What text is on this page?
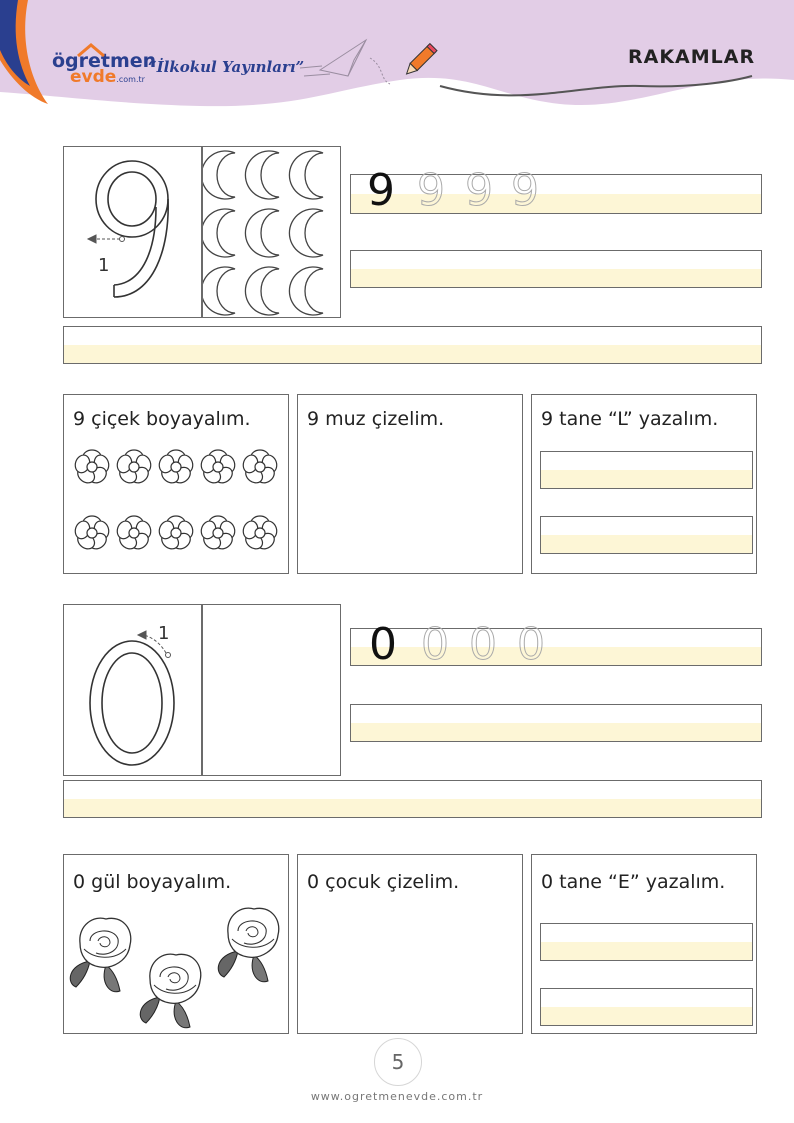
ögretmen
evde.com.tr
“İlkokul Yayınları”	RAKAMLAR
1
9 9 9 9
9 çiçek boyayalım.	9 muz çizelim.	9 tane “L” yazalım.
1	0 0 0 0
0 gül boyayalım.	0 çocuk çizelim.	0 tane “E” yazalım.
5
www.ogretmenevde.com.tr
